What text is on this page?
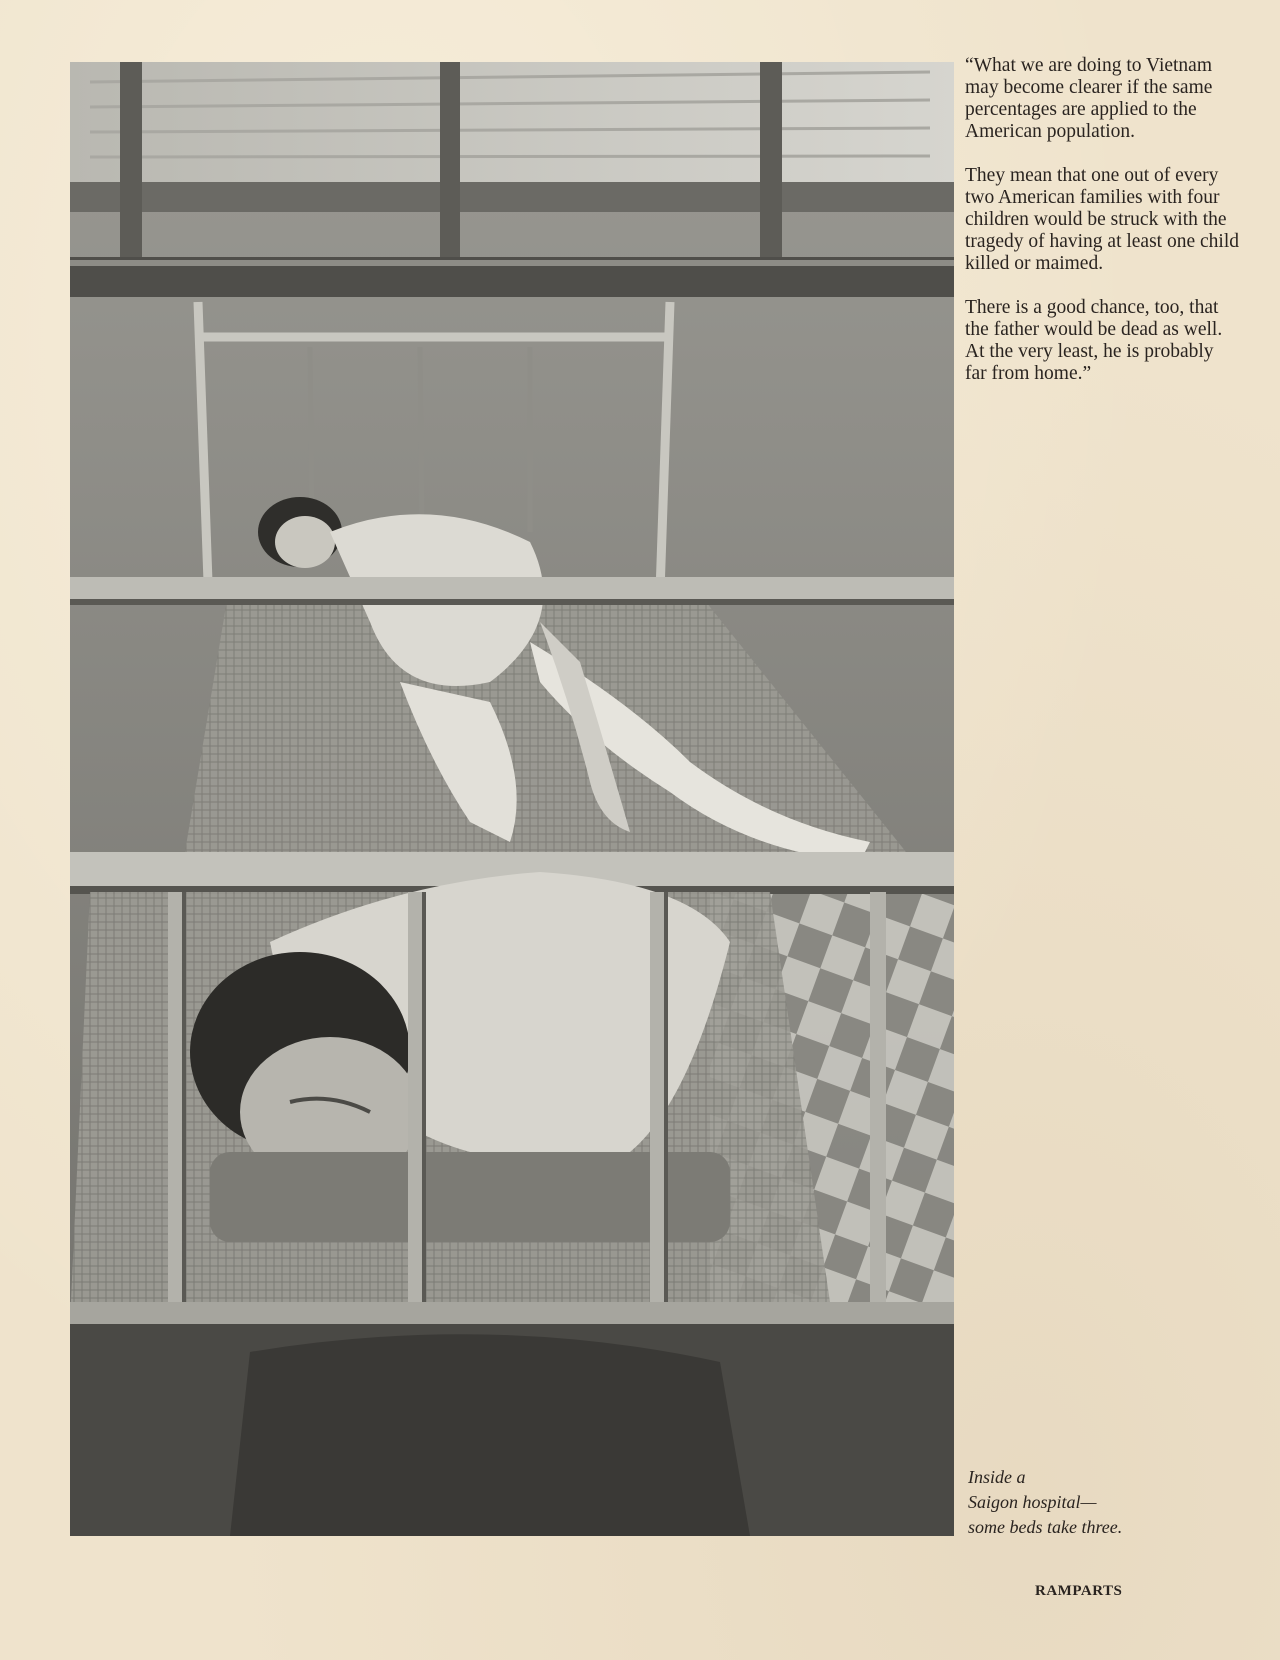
“What we are doing to Vietnam may become clearer if the same percentages are applied to the American population.

They mean that one out of every two American families with four children would be struck with the tragedy of having at least one child killed or maimed.

There is a good chance, too, that the father would be dead as well. At the very least, he is probably far from home.”

Inside a
Saigon hospital—
some beds take three.
RAMPARTS
